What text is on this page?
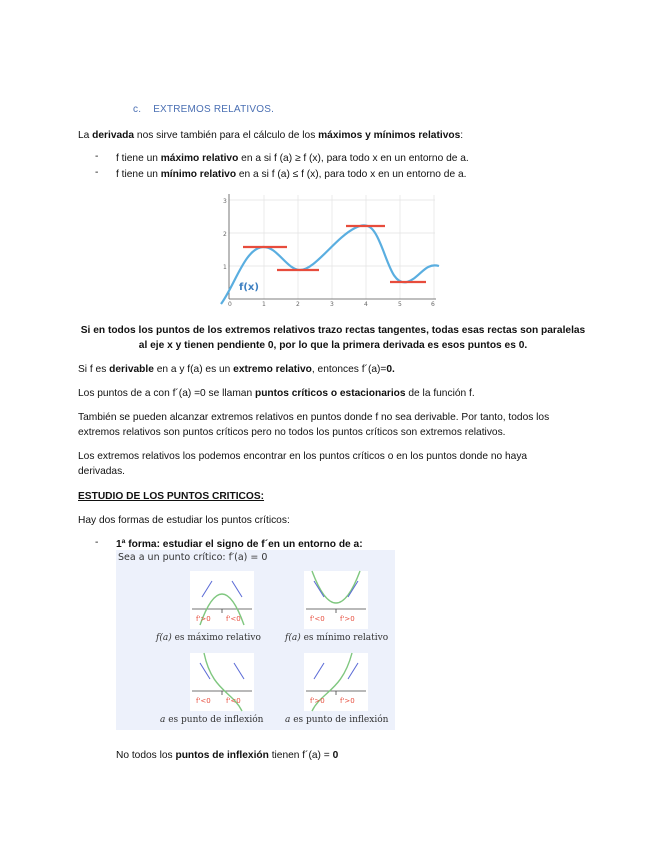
c. EXTREMOS RELATIVOS.
La derivada nos sirve también para el cálculo de los máximos y mínimos relativos:
- f tiene un máximo relativo en a si f (a) ≥ f (x), para todo x en un entorno de a.
- f tiene un mínimo relativo en a si f (a) ≤ f (x), para todo x en un entorno de a.
3
2
1
0	1	2	3	4	5	6
f(x)
Si en todos los puntos de los extremos relativos trazo rectas tangentes, todas esas rectas son paralelas
al eje x y tienen pendiente 0, por lo que la primera derivada es esos puntos es 0.
Si f es derivable en a y f(a) es un extremo relativo, entonces f´(a)=0.
Los puntos de a con f´(a) =0 se llaman puntos críticos o estacionarios de la función f.
También se pueden alcanzar extremos relativos en puntos donde f no sea derivable. Por tanto, todos los
extremos relativos son puntos críticos pero no todos los puntos críticos son extremos relativos.
Los extremos relativos los podemos encontrar en los puntos críticos o en los puntos donde no haya
derivadas.
ESTUDIO DE LOS PUNTOS CRITICOS:
Hay dos formas de estudiar los puntos críticos:
- 1ª forma: estudiar el signo de f´en un entorno de a:
Sea a un punto crítico: f′(a) = 0
f'>0 f'<0	f'<0 f'>0
f'<0 f'<0	f'>0 f'>0
f(a) es máximo relativo	f(a) es mínimo relativo
a es punto de inflexión a es punto de inflexión
No todos los puntos de inflexión tienen f´(a) = 0
